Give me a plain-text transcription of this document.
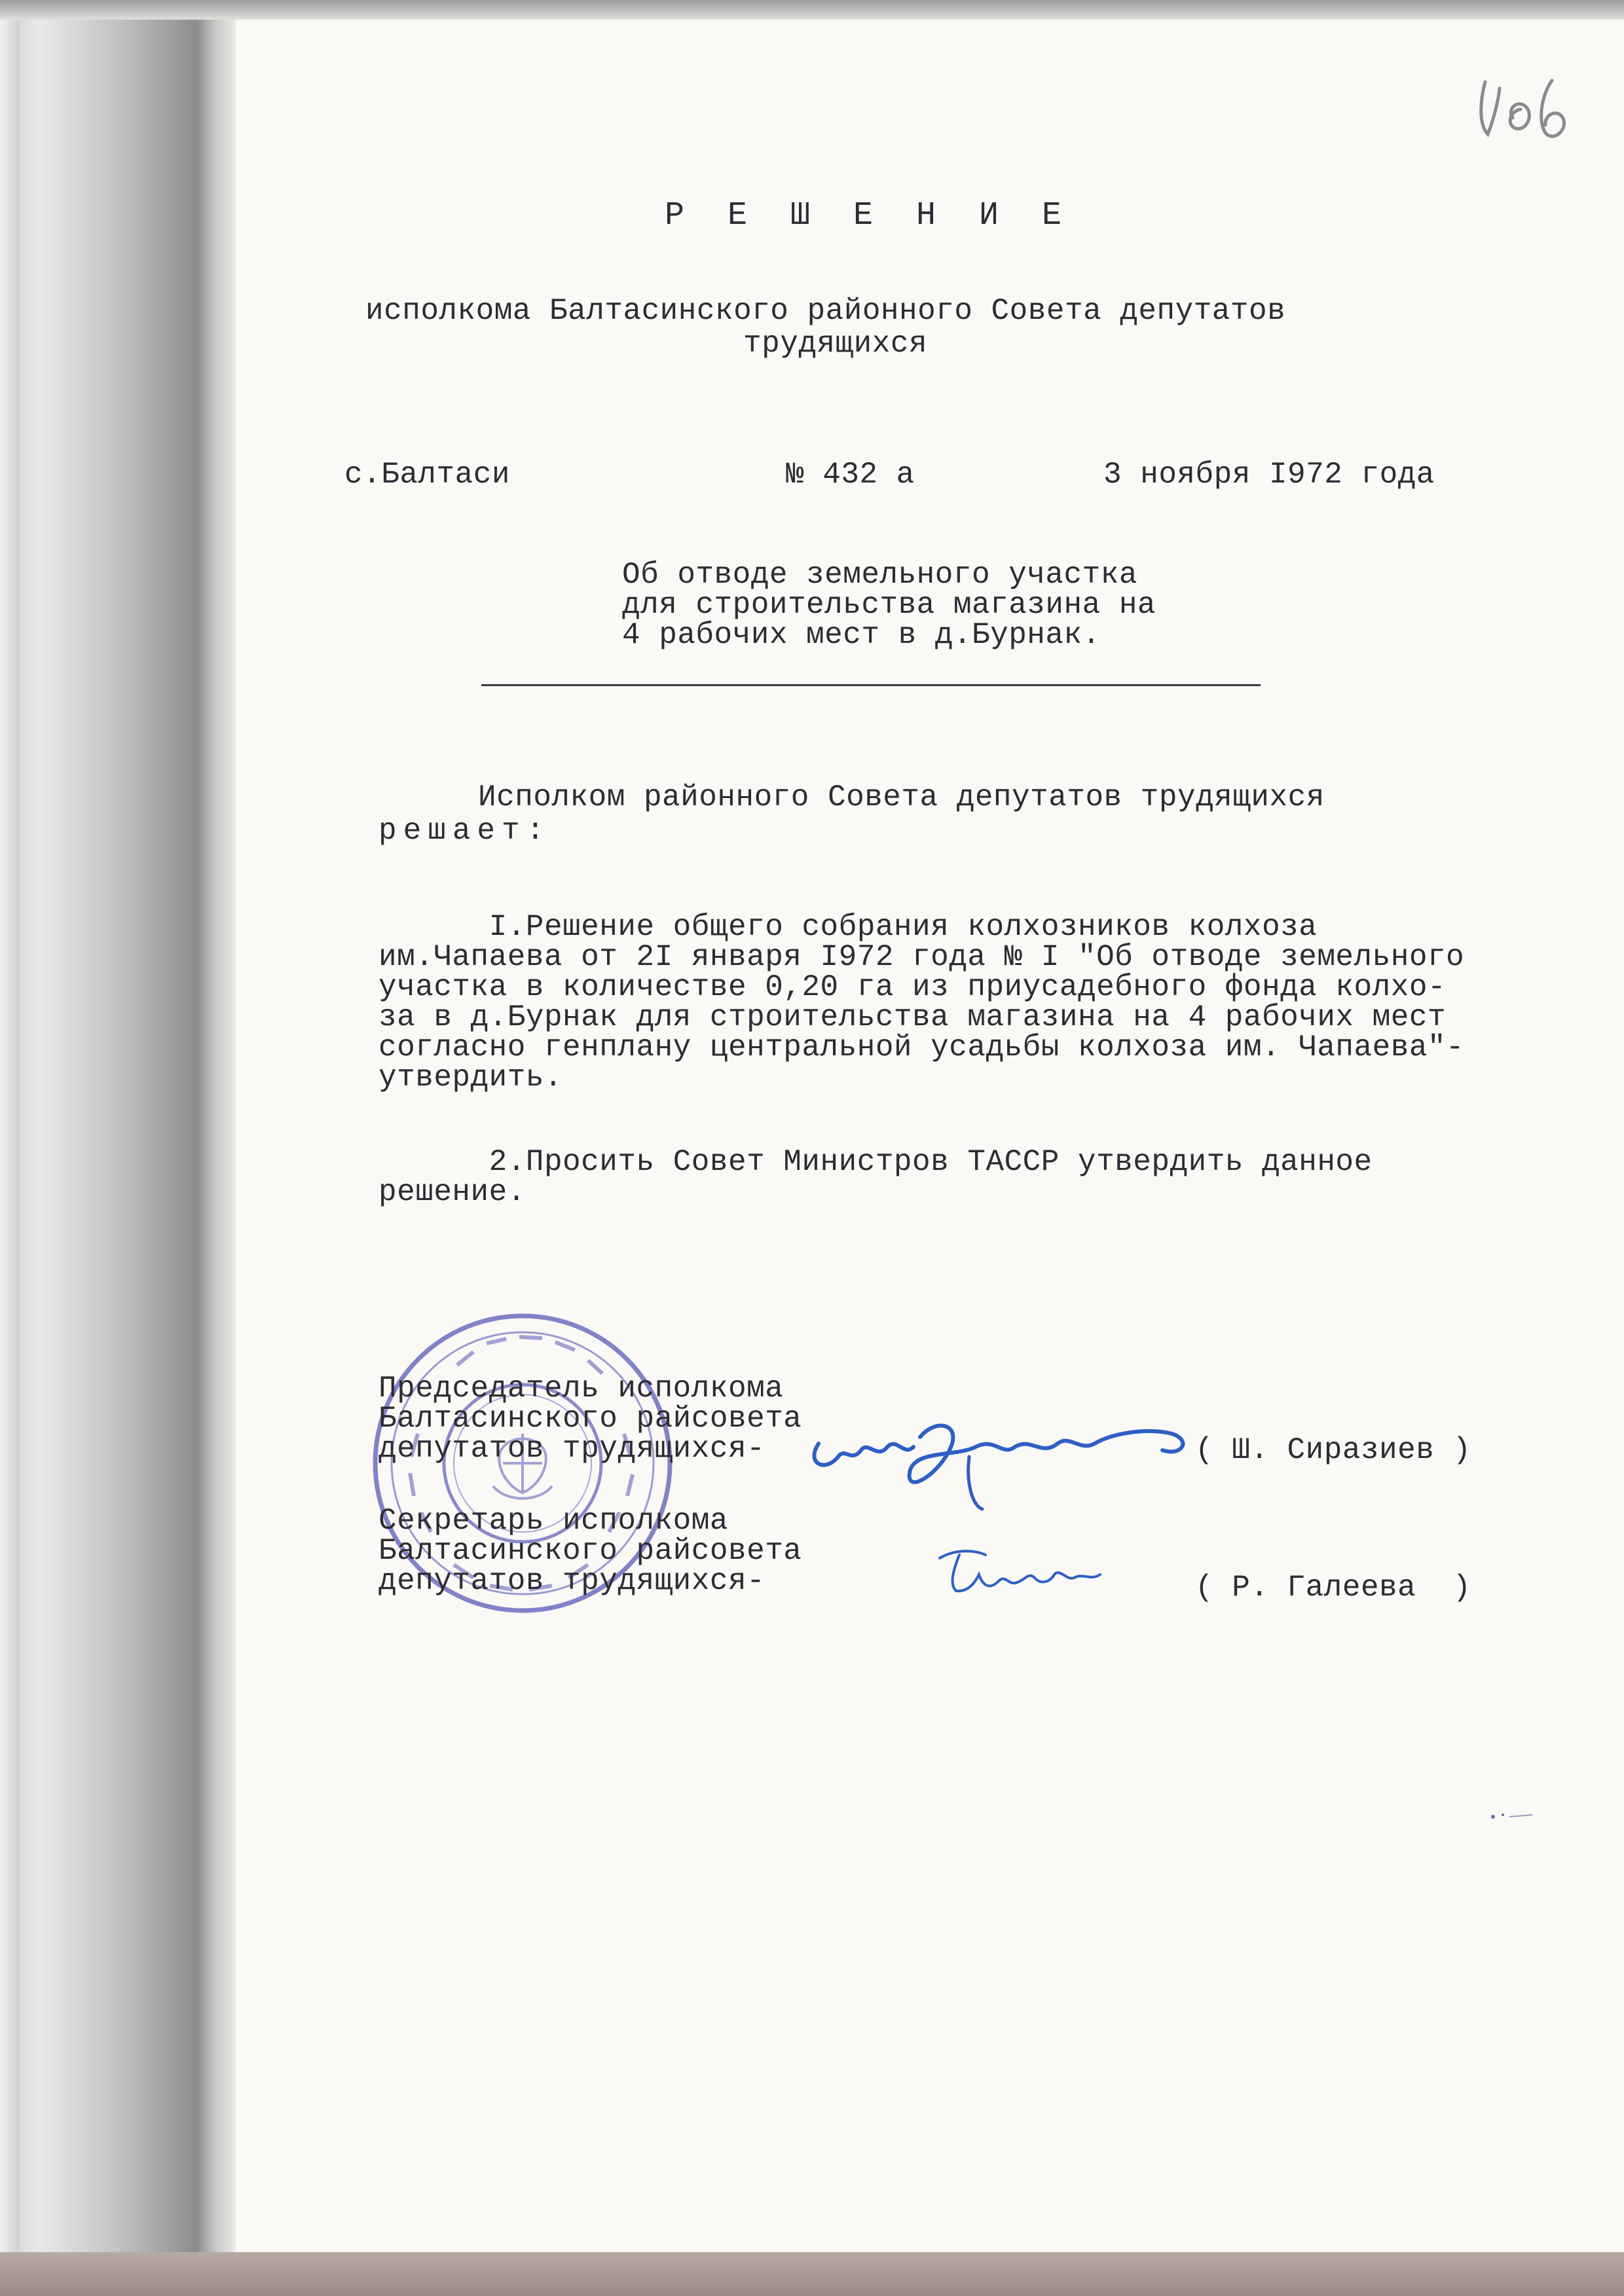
Р Е Ш Е Н И Е
исполкома Балтасинского районного Совета депутатов
трудящихся
с.Балтаси	№ 432 а	3 ноября I972 года
Об отводе земельного участка
для строительства магазина на
4 рабочих мест в д.Бурнак.
Исполком районного Совета депутатов трудящихся
решает:
I.Решение общего собрания колхозников колхоза
им.Чапаева от 2I января I972 года № I "Об отводе земельного
участка в количестве 0,20 га из приусадебного фонда колхо-
за в д.Бурнак для строительства магазина на 4 рабочих мест
согласно генплану центральной усадьбы колхоза им. Чапаева"-
утвердить.
2.Просить Совет Министров ТАССР утвердить данное
решение.
Председатель исполкома
Балтасинского райсовета
депутатов трудящихся-	( Ш. Сиразиев )
Секретарь исполкома
Балтасинского райсовета
депутатов трудящихся-	( Р. Галеева  )
